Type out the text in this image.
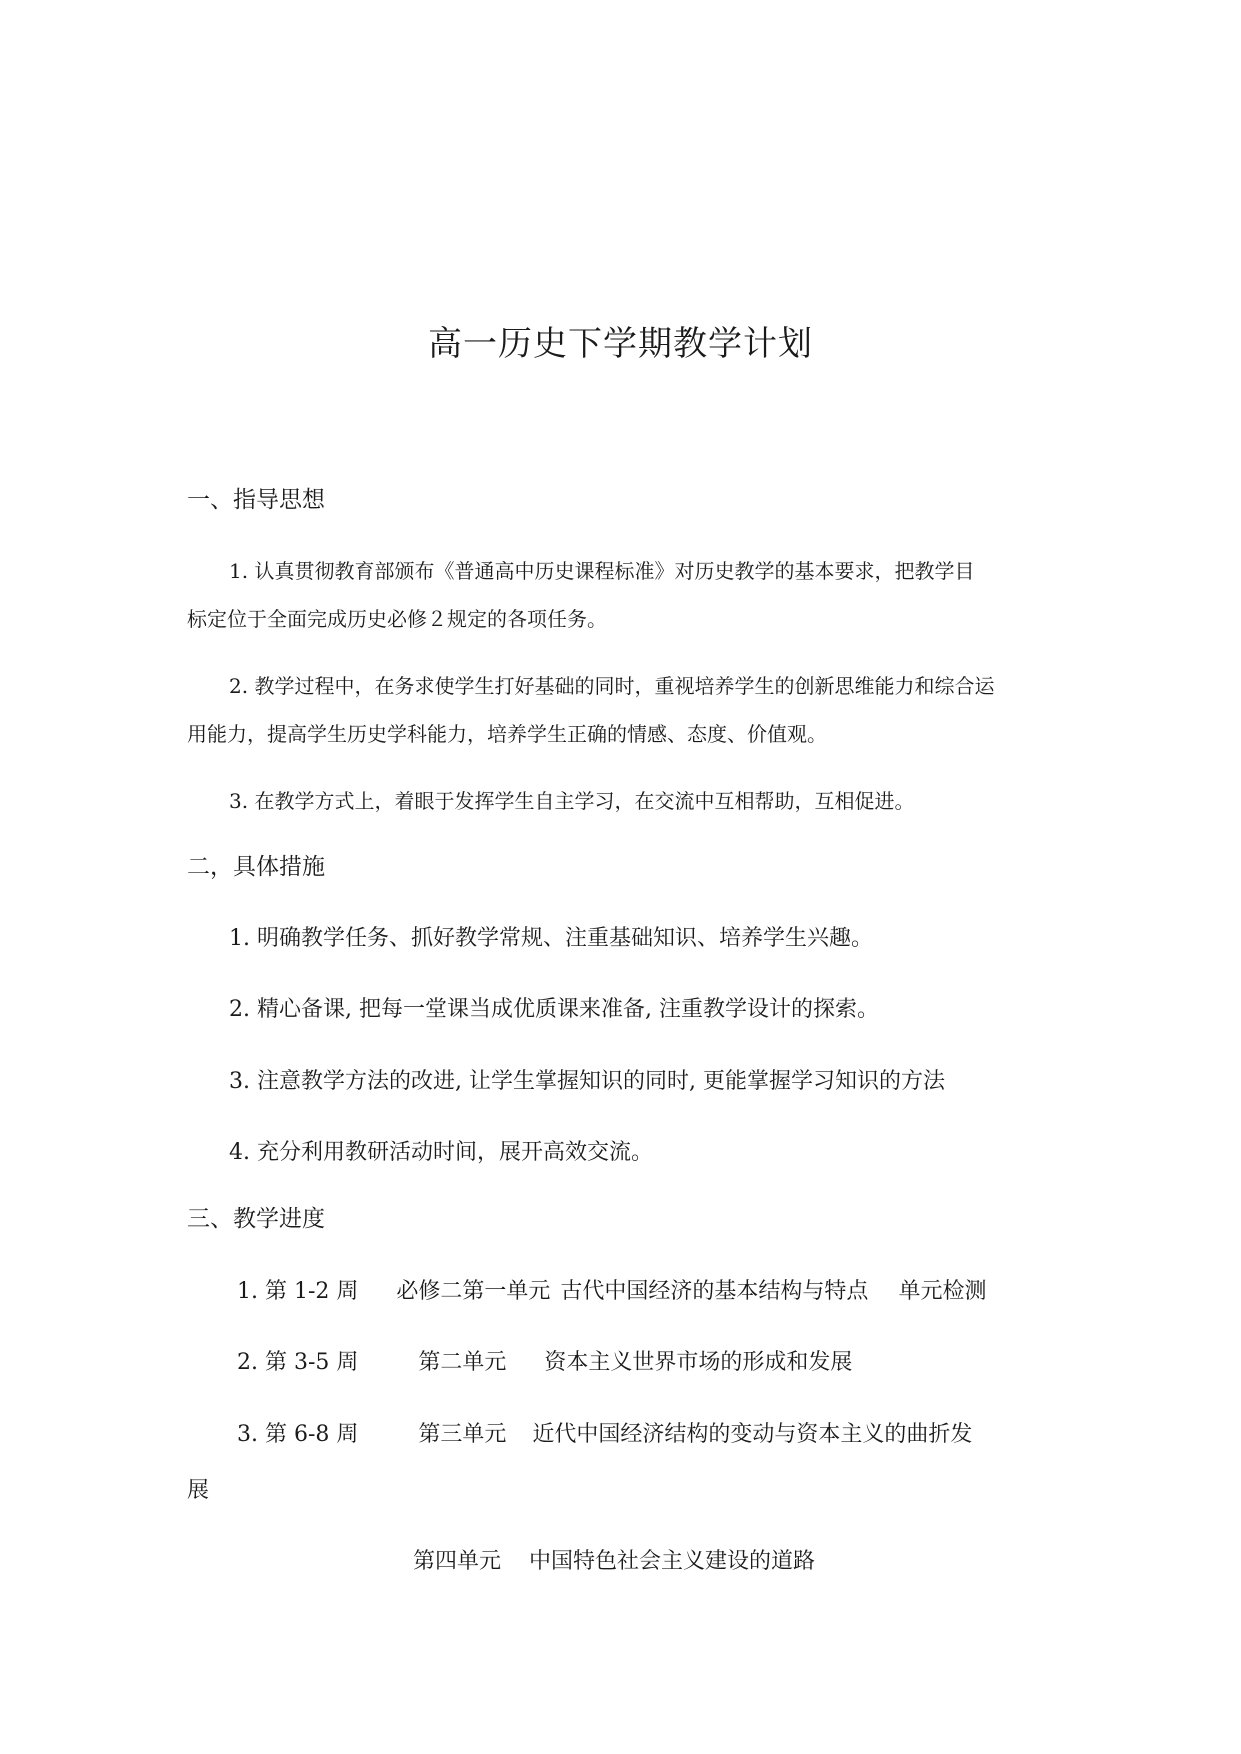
高一历史下学期教学计划
一、指导思想
1. 认真贯彻教育部颁布《普通高中历史课程标准》对历史教学的基本要求，把教学目
标定位于全面完成历史必修２规定的各项任务。
2. 教学过程中，在务求使学生打好基础的同时，重视培养学生的创新思维能力和综合运
用能力，提高学生历史学科能力，培养学生正确的情感、态度、价值观。
3. 在教学方式上，着眼于发挥学生自主学习，在交流中互相帮助，互相促进。
二，具体措施
1. 明确教学任务、抓好教学常规、注重基础知识、培养学生兴趣。
2. 精心备课, 把每一堂课当成优质课来准备, 注重教学设计的探索。
3. 注意教学方法的改进, 让学生掌握知识的同时, 更能掌握学习知识的方法
4. 充分利用教研活动时间，展开高效交流。
三、教学进度
1. 第 1-2 周 必修二第一单元 古代中国经济的基本结构与特点 单元检测
2. 第 3-5 周	第二单元 资本主义世界市场的形成和发展
3. 第 6-8 周	第三单元 近代中国经济结构的变动与资本主义的曲折发
展
第四单元 中国特色社会主义建设的道路
